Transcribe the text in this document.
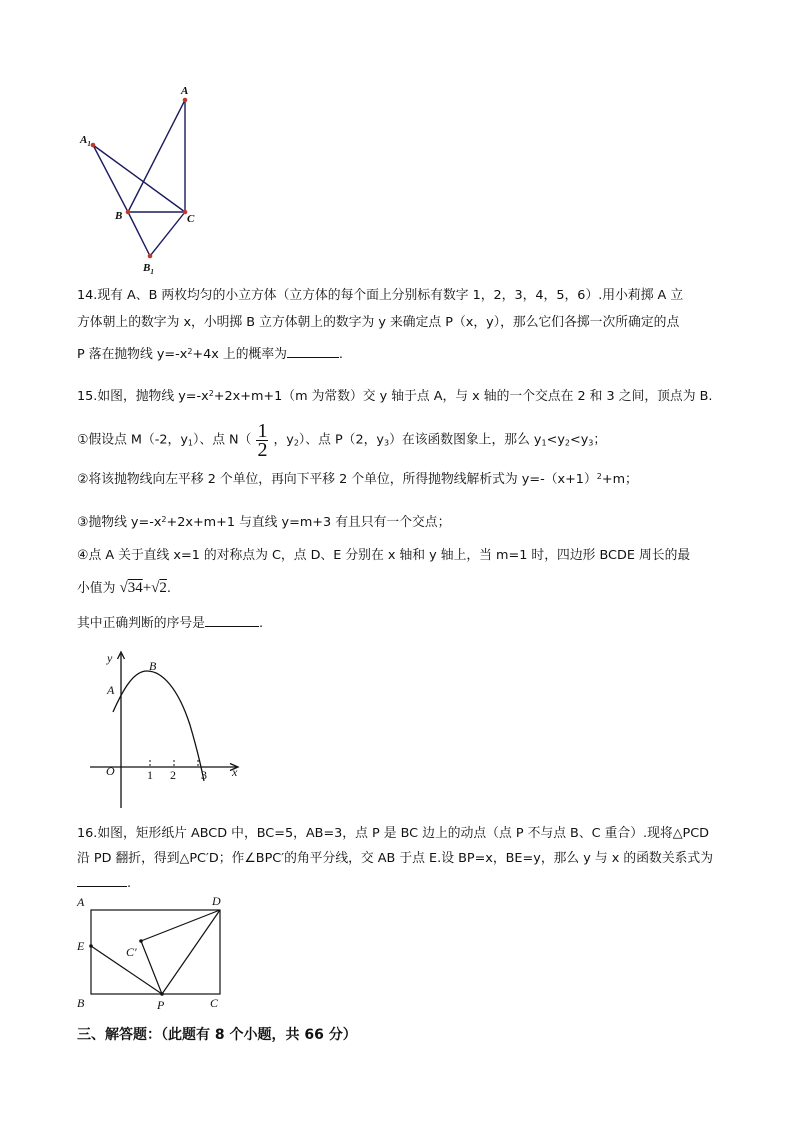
A
$A_1$
B	C
$B_1$
14.现有 A、B 两枚均匀的小立方体（立方体的每个面上分别标有数字 1，2，3，4，5，6）.用小莉掷 A 立
方体朝上的数字为 x，小明掷 B 立方体朝上的数字为 y 来确定点 P（x，y），那么它们各掷一次所确定的点
P 落在抛物线 $y=-x^2+4x$ 上的概率为	.
15.如图，抛物线 $y=-x^2+2x+m+1(m$ 为常数）交 y 轴于点 A，与 x 轴的一个交点在 2 和 3 之间，顶点为 B.
①假设点 M（-2，$y_1$）、点 $N( \frac{1}{2}$ ，$y_2$）、点 P（2，$y_3$）在该函数图象上，那么 $y_1<y_2<y_3$；
②将该抛物线向左平移 2 个单位，再向下平移 2 个单位，所得抛物线解析式为 $y=-(x+1)^2+m$；
③抛物线 $y=-x^2+2x+m+1$ 与直线 y=m+3 有且只有一个交点；
④点 A 关于直线 x=1 的对称点为 C，点 D、E 分别在 x 轴和 y 轴上，当 m=1 时，四边形 BCDE 周长的最
小值为 √34+√2.
其中正确判断的序号是	.
y
x
O
A
B
1 2 3
16.如图，矩形纸片 ABCD 中，BC=5，AB=3，点 P 是 BC 边上的动点（点 P 不与点 B、C 重合）.现将△PCD
沿 PD 翻折，得到△PC′D；作∠BPC′的角平分线，交 AB 于点 E.设 BP=x，BE=y，那么 y 与 x 的函数关系式为
.
A	D
E	C′
B	P	C
三、解答题：（此题有 8 个小题，共 66 分）
